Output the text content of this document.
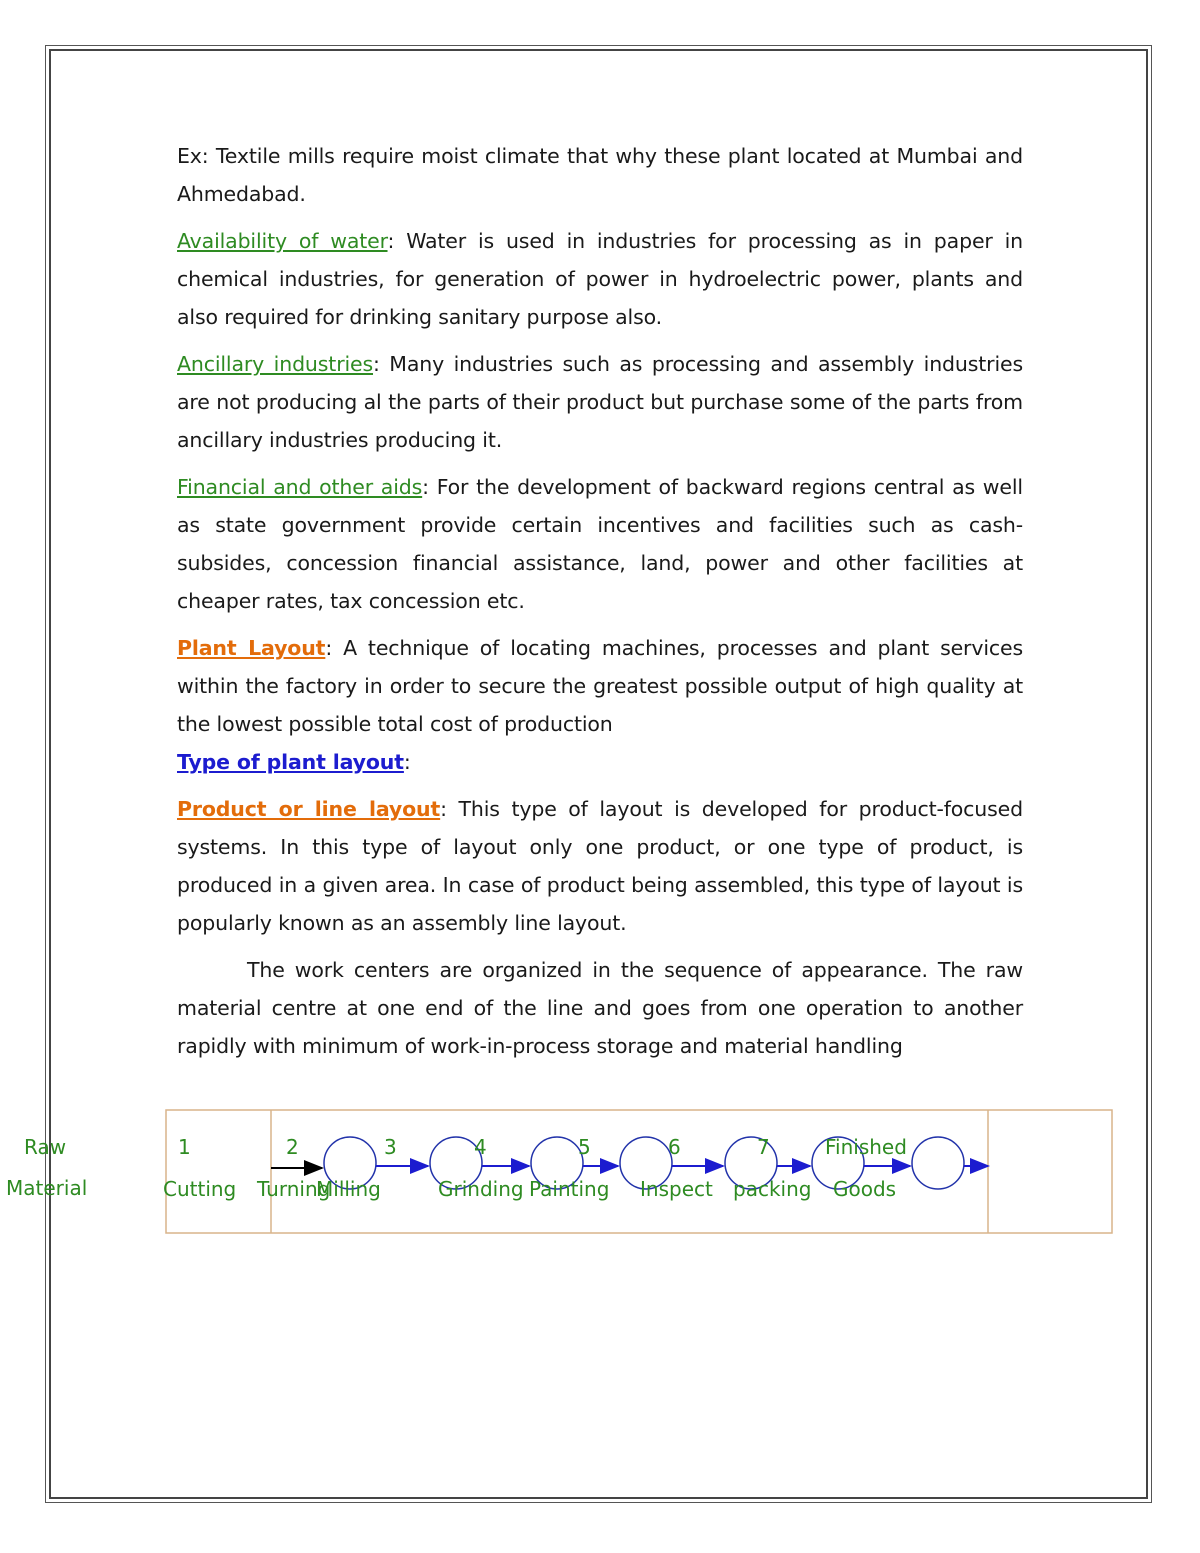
Ex: Textile mills require moist climate that why these plant located at Mumbai and Ahmedabad.

Availability of water: Water is used in industries for processing as in paper in chemical industries, for generation of power in hydroelectric power, plants and also required for drinking sanitary purpose also.

Ancillary industries: Many industries such as processing and assembly industries are not producing al the parts of their product but purchase some of the parts from ancillary industries producing it.

Financial and other aids: For the development of backward regions central as well as state government provide certain incentives and facilities such as cash-subsides, concession financial assistance, land, power and other facilities at cheaper rates, tax concession etc.

Plant Layout: A technique of locating machines, processes and plant services within the factory in order to secure the greatest possible output of high quality at the lowest possible total cost of production

Type of plant layout:

Product or line layout: This type of layout is developed for product-focused systems. In this type of layout only one product, or one type of product, is produced in a given area. In case of product being assembled, this type of layout is popularly known as an assembly line layout.

The work centers are organized in the sequence of appearance. The raw material centre at one end of the line and goes from one operation to another rapidly with minimum of work-in-process storage and material handling

Raw
Material
1
Cutting
2
Turning
3
Milling
4
Grinding
5
Painting
6
Inspect
7
packing
Finished
Goods
